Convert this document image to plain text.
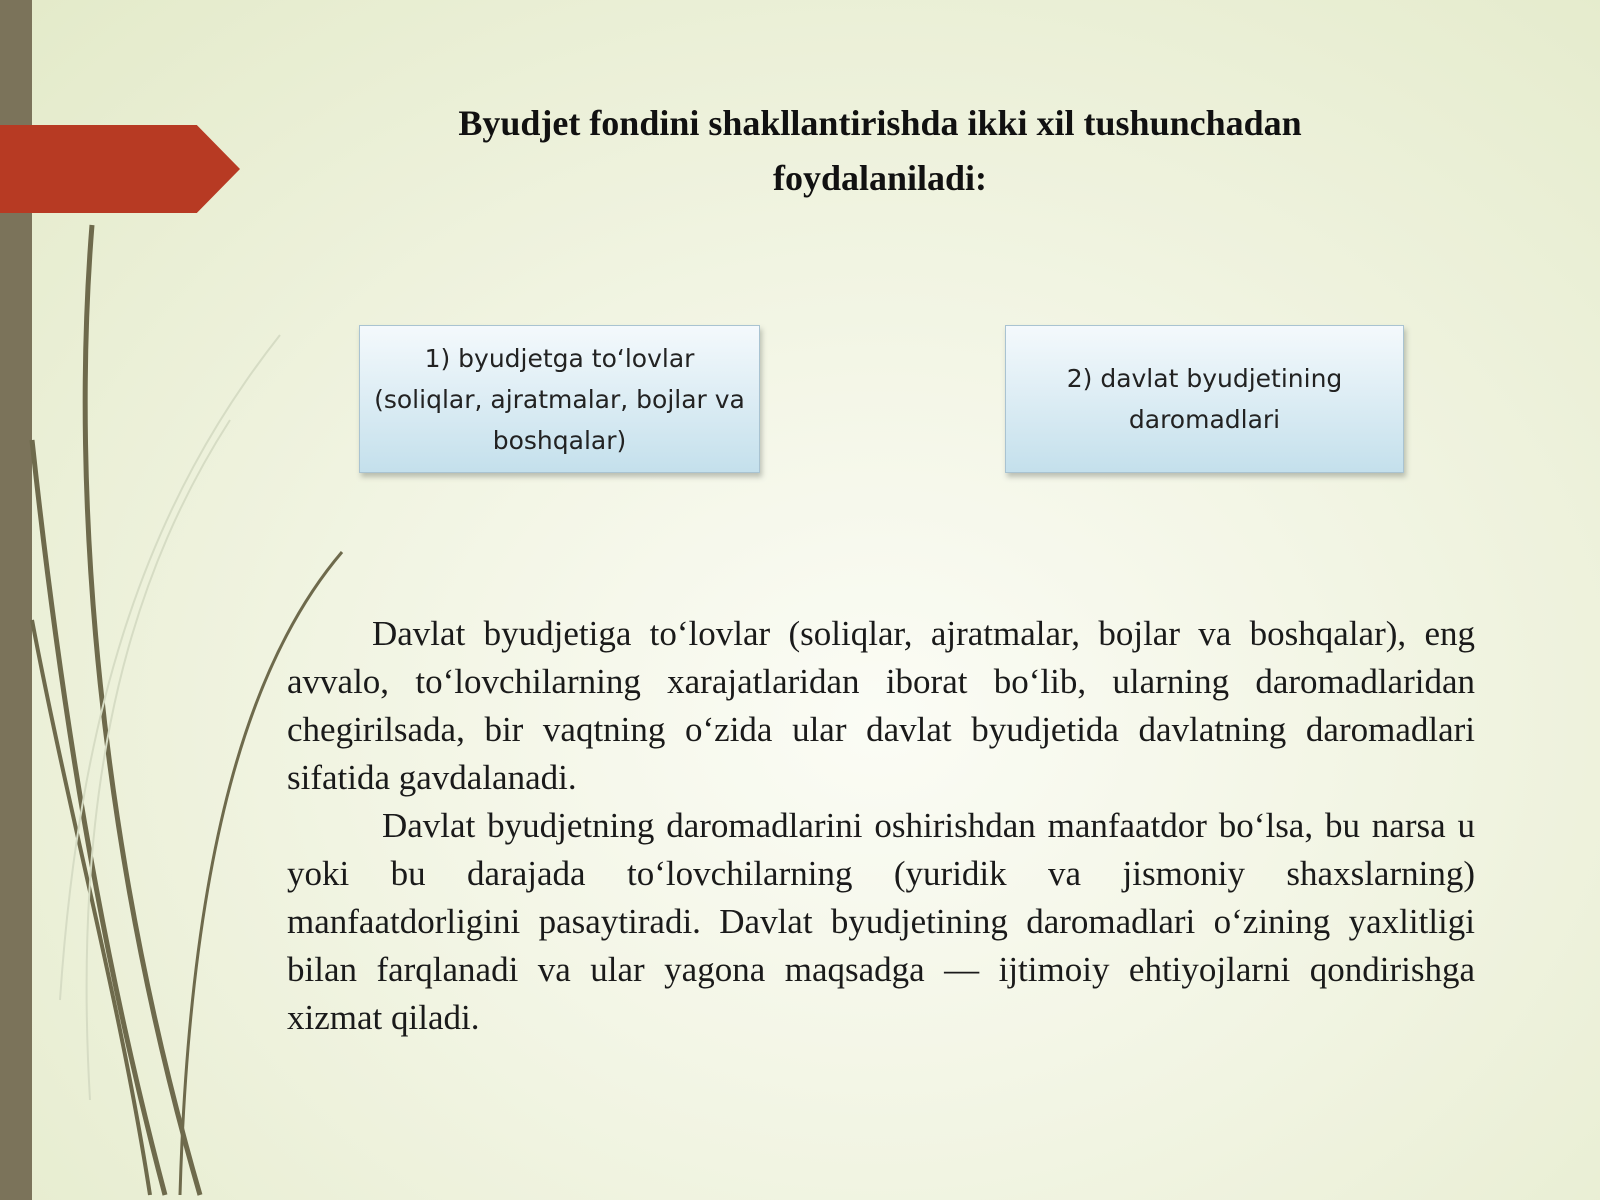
Byudjet fondini shakllantirishda ikki xil tushunchadan foydalaniladi:
1) byudjetga to‘lovlar (soliqlar, ajratmalar, bojlar va boshqalar)
2) davlat byudjetining daromadlari

Davlat byudjetiga to‘lovlar (soliqlar, ajratmalar, bojlar va boshqalar), eng avvalo, to‘lovchilarning xarajatlaridan iborat bo‘lib, ularning daromadlaridan chegirilsada, bir vaqtning o‘zida ular davlat byudjetida davlatning daromadlari sifatida gavdalanadi.

Davlat byudjetning daromadlarini oshirishdan manfaatdor bo‘lsa, bu narsa u yoki bu darajada to‘lovchilarning (yuridik va jismoniy shaxslarning) manfaatdorligini pasaytiradi. Davlat byudjetining daromadlari o‘zining yaxlitligi bilan farqlanadi va ular yagona maqsadga — ijtimoiy ehtiyojlarni qondirishga xizmat qiladi.
